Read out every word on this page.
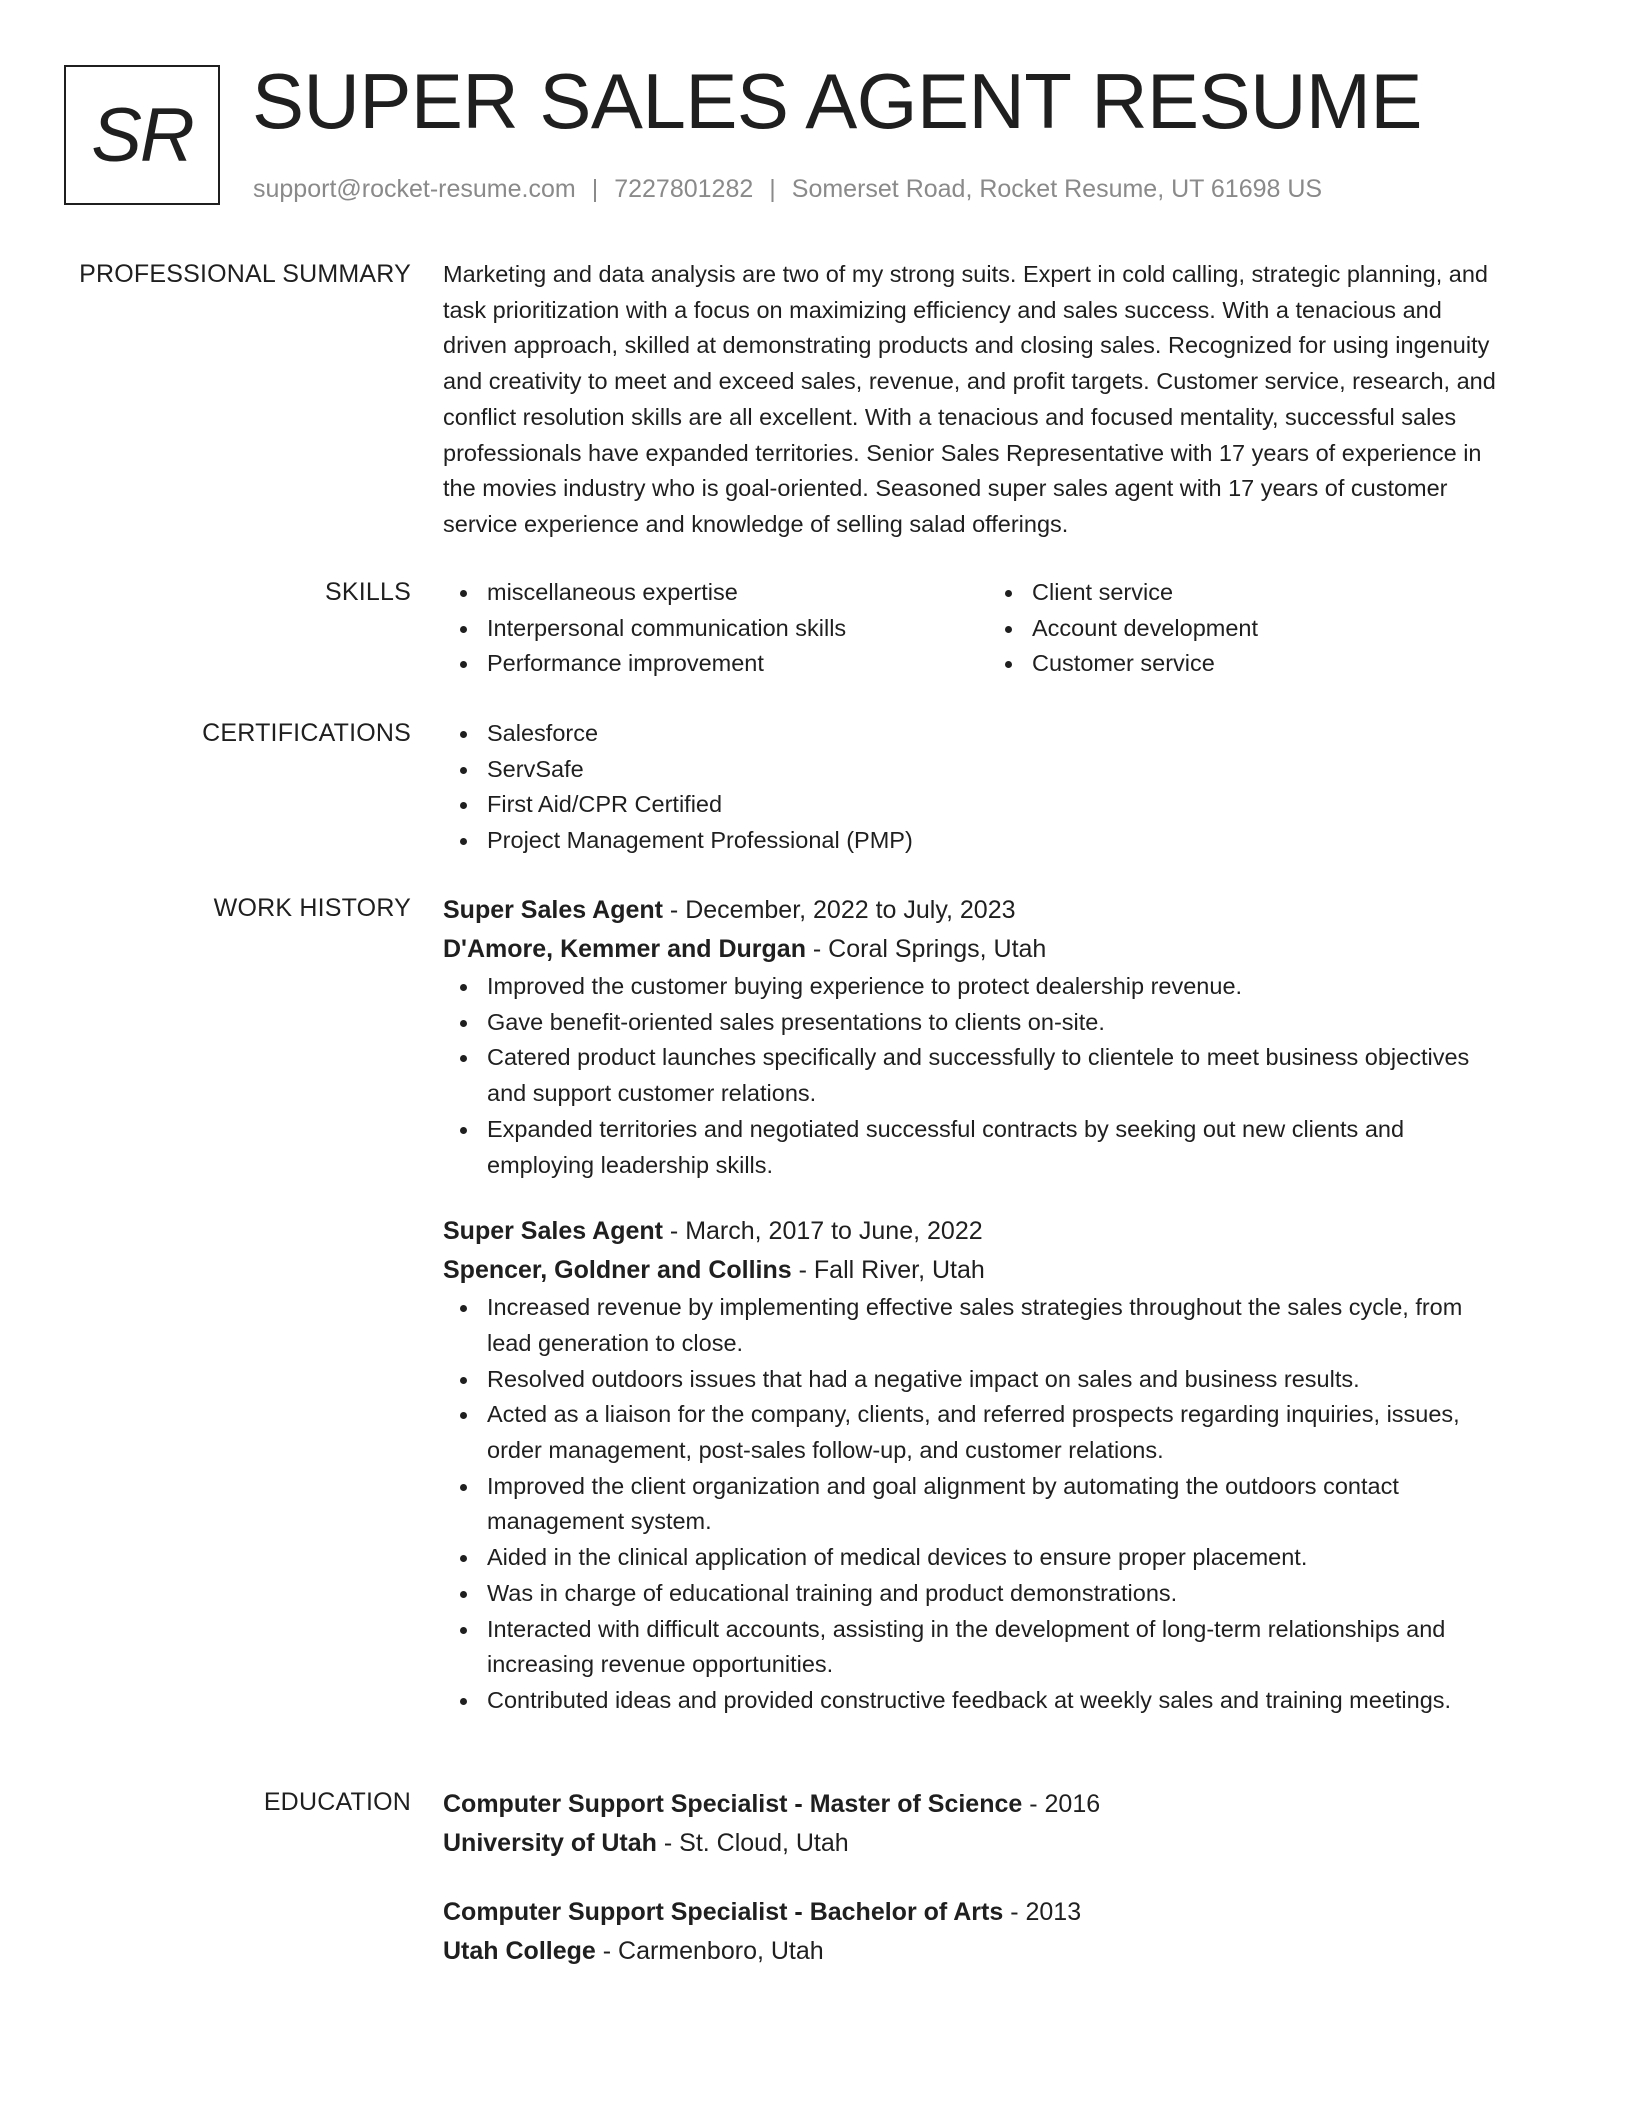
SR SUPER SALES AGENT RESUME
support@rocket-resume.com | 7227801282 | Somerset Road, Rocket Resume, UT 61698 US
PROFESSIONAL SUMMARY Marketing and data analysis are two of my strong suits. Expert in cold calling, strategic planning, and
task prioritization with a focus on maximizing efficiency and sales success. With a tenacious and
driven approach, skilled at demonstrating products and closing sales. Recognized for using ingenuity
and creativity to meet and exceed sales, revenue, and profit targets. Customer service, research, and
conflict resolution skills are all excellent. With a tenacious and focused mentality, successful sales
professionals have expanded territories. Senior Sales Representative with 17 years of experience in
the movies industry who is goal-oriented. Seasoned super sales agent with 17 years of customer
service experience and knowledge of selling salad offerings.

SKILLS	miscellaneous expertise
Interpersonal communication skills
Performance improvement
Client service
Account development
Customer service
CERTIFICATIONS	Salesforce
ServSafe
First Aid/CPR Certified
Project Management Professional (PMP)
WORK HISTORY Super Sales Agent - December, 2022 to July, 2023
D'Amore, Kemmer and Durgan - Coral Springs, Utah
Improved the customer buying experience to protect dealership revenue.
Gave benefit-oriented sales presentations to clients on-site.
Catered product launches specifically and successfully to clientele to meet business objectives
and support customer relations.
Expanded territories and negotiated successful contracts by seeking out new clients and
employing leadership skills.
Super Sales Agent - March, 2017 to June, 2022
Spencer, Goldner and Collins - Fall River, Utah
Increased revenue by implementing effective sales strategies throughout the sales cycle, from
lead generation to close.
Resolved outdoors issues that had a negative impact on sales and business results.
Acted as a liaison for the company, clients, and referred prospects regarding inquiries, issues,
order management, post-sales follow-up, and customer relations.
Improved the client organization and goal alignment by automating the outdoors contact
management system.
Aided in the clinical application of medical devices to ensure proper placement.
Was in charge of educational training and product demonstrations.
Interacted with difficult accounts, assisting in the development of long-term relationships and
increasing revenue opportunities.
Contributed ideas and provided constructive feedback at weekly sales and training meetings.
EDUCATION Computer Support Specialist - Master of Science - 2016
University of Utah - St. Cloud, Utah
Computer Support Specialist - Bachelor of Arts - 2013
Utah College - Carmenboro, Utah
